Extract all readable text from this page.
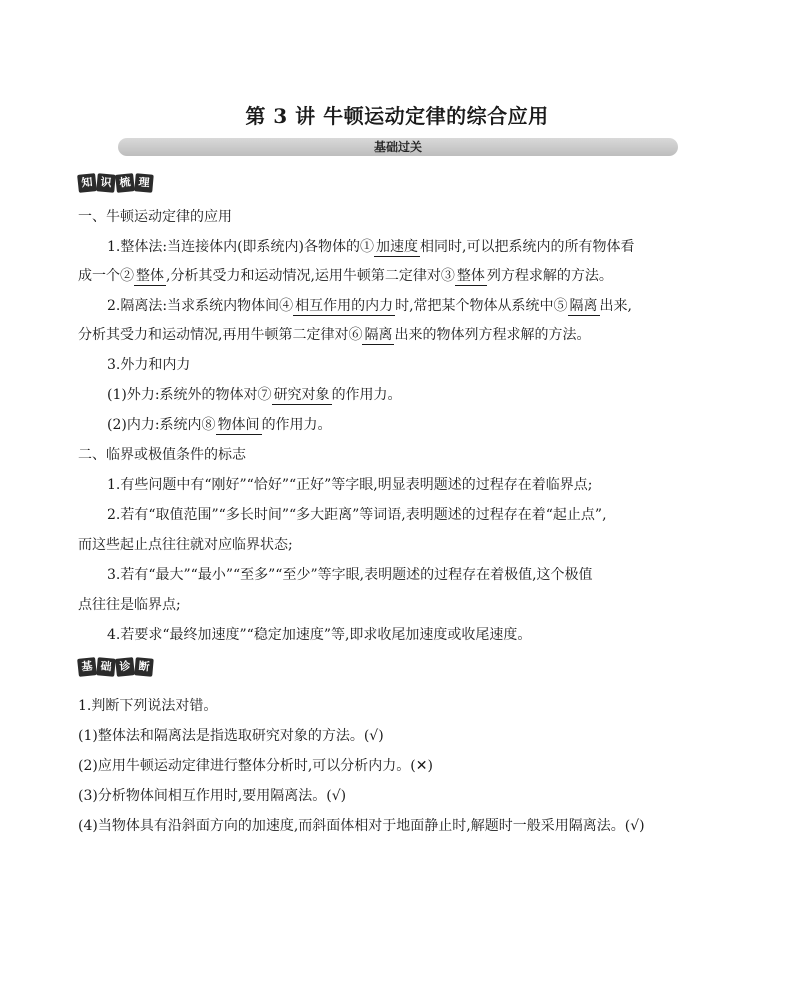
第 3 讲 牛顿运动定律的综合应用
基础过关
知 识 梳 理
一、牛顿运动定律的应用
1.整体法:当连接体内(即系统内)各物体的① 加速度 相同时,可以把系统内的所有物体看
成一个② 整体 ,分析其受力和运动情况,运用牛顿第二定律对③ 整体 列方程求解的方法。
2.隔离法:当求系统内物体间④ 相互作用的内力 时,常把某个物体从系统中⑤ 隔离 出来,
分析其受力和运动情况,再用牛顿第二定律对⑥ 隔离 出来的物体列方程求解的方法。
3.外力和内力
(1)外力:系统外的物体对⑦ 研究对象 的作用力。
(2)内力:系统内⑧ 物体间 的作用力。
二、临界或极值条件的标志
1.有些问题中有“刚好”“恰好”“正好”等字眼,明显表明题述的过程存在着临界点;
2.若有“取值范围”“多长时间”“多大距离”等词语,表明题述的过程存在着“起止点”,
而这些起止点往往就对应临界状态;
3.若有“最大”“最小”“至多”“至少”等字眼,表明题述的过程存在着极值,这个极值
点往往是临界点;
4.若要求“最终加速度”“稳定加速度”等,即求收尾加速度或收尾速度。
基 础 诊 断
1.判断下列说法对错。
(1)整体法和隔离法是指选取研究对象的方法。(√)
(2)应用牛顿运动定律进行整体分析时,可以分析内力。(✕)
(3)分析物体间相互作用时,要用隔离法。(√)
(4)当物体具有沿斜面方向的加速度,而斜面体相对于地面静止时,解题时一般采用隔离法。(√)
